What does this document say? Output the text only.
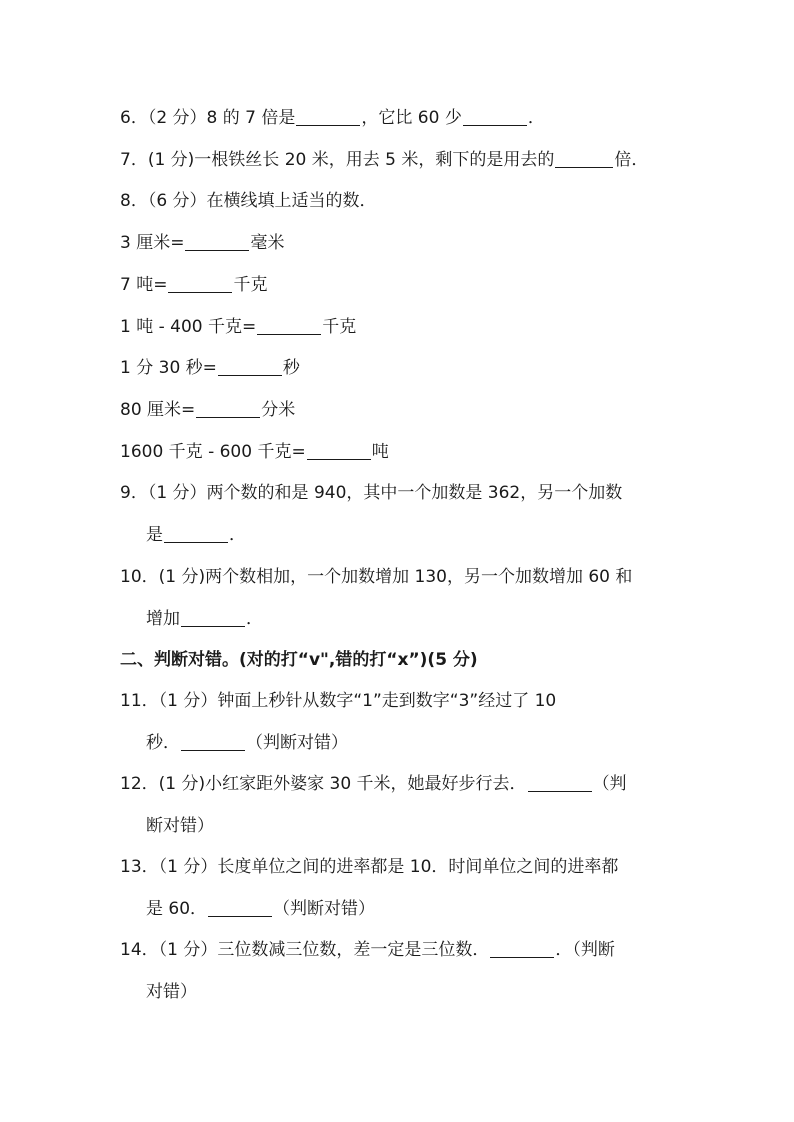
6．（2 分）8 的 7 倍是	，它比 60 少	．
7．(1 分)一根铁丝长 20 米，用去 5 米，剩下的是用去的	倍．
8．（6 分）在横线填上适当的数．
3 厘米=	毫米
7 吨=	千克
1 吨 - 400 千克=	千克
1 分 30 秒=	秒
80 厘米=	分米
1600 千克 - 600 千克=	吨
9．（1 分）两个数的和是 940，其中一个加数是 362，另一个加数
是	．
10．(1 分)两个数相加，一个加数增加 130，另一个加数增加 60 和
增加	．
二、判断对错。(对的打“v",错的打“x”)(5 分)
11．（1 分）钟面上秒针从数字“1”走到数字“3”经过了 10
秒．	（判断对错）
12．(1 分)小红家距外婆家 30 千米，她最好步行去．	（判
断对错）
13．（1 分）长度单位之间的进率都是 10．时间单位之间的进率都
是 60．	（判断对错）
14．（1 分）三位数减三位数，差一定是三位数．	．（判断
对错）
